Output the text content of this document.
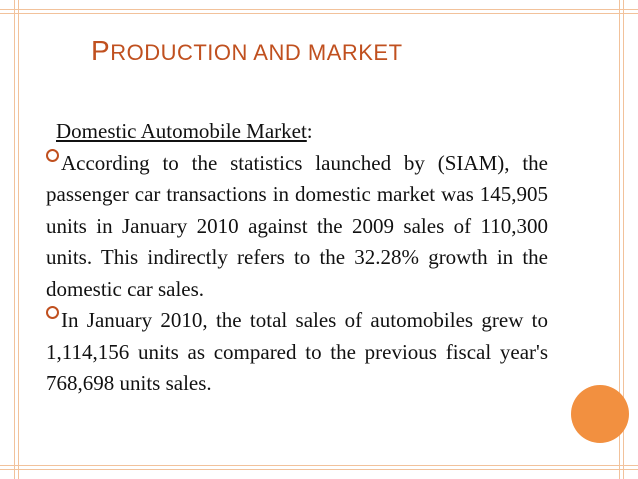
PRODUCTION AND MARKET

Domestic Automobile Market:

According to the statistics launched by (SIAM), the passenger car transactions in domestic market was 145,905 units in January 2010 against the 2009 sales of 110,300 units. This indirectly refers to the 32.28% growth in the domestic car sales.

In January 2010, the total sales of automobiles grew to 1,114,156 units as compared to the previous fiscal year's 768,698 units sales.
